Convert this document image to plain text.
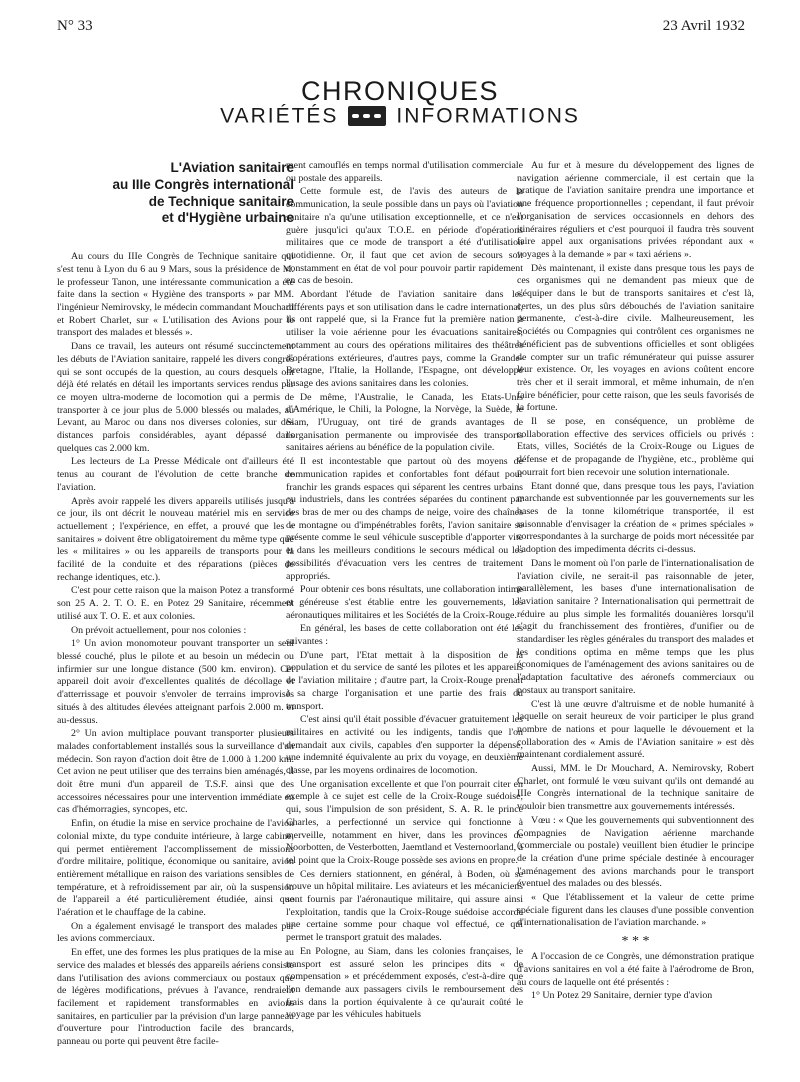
N° 33	23 Avril 1932
CHRONIQUES
VARIÉTÉS	INFORMATIONS
L'Aviation sanitaire
au IIIe Congrès international
de Technique sanitaire
et d'Hygiène urbaine

Au cours du IIIe Congrès de Technique sanitaire qui s'est tenu à Lyon du 6 au 9 Mars, sous la présidence de M. le professeur Tanon, une intéressante communication a été faite dans la section « Hygiène des transports » par MM. l'ingénieur Nemirovsky, le médecin commandant Mouchard et Robert Charlet, sur « L'utilisation des Avions pour le transport des malades et blessés ».

Dans ce travail, les auteurs ont résumé succinctement les débuts de l'Aviation sanitaire, rappelé les divers congrès qui se sont occupés de la question, au cours desquels ont déjà été relatés en détail les importants services rendus par ce moyen ultra-moderne de locomotion qui a permis de transporter à ce jour plus de 5.000 blessés ou malades, au Levant, au Maroc ou dans nos diverses colonies, sur des distances parfois considérables, ayant dépassé dans quelques cas 2.000 km.

Les lecteurs de La Presse Médicale ont d'ailleurs été tenus au courant de l'évolution de cette branche de l'aviation.

Après avoir rappelé les divers appareils utilisés jusqu'à ce jour, ils ont décrit le nouveau matériel mis en service actuellement ; l'expérience, en effet, a prouvé que les « sanitaires » doivent être obligatoirement du même type que les « militaires » ou les appareils de transports pour la facilité de la conduite et des réparations (pièces de rechange identiques, etc.).

C'est pour cette raison que la maison Potez a transformé son 25 A. 2. T. O. E. en Potez 29 Sanitaire, récemment utilisé aux T. O. E. et aux colonies.

On prévoit actuellement, pour nos colonies :

1° Un avion monomoteur pouvant transporter un seul blessé couché, plus le pilote et au besoin un médecin ou infirmier sur une longue distance (500 km. environ). Cet appareil doit avoir d'excellentes qualités de décollage et d'atterrissage et pouvoir s'envoler de terrains improvisés situés à des altitudes élevées atteignant parfois 2.000 m. et au-dessus.

2° Un avion multiplace pouvant transporter plusieurs malades confortablement installés sous la surveillance d'un médecin. Son rayon d'action doit être de 1.000 à 1.200 km. Cet avion ne peut utiliser que des terrains bien aménagés, il doit être muni d'un appareil de T.S.F. ainsi que des accessoires nécessaires pour une intervention immédiate en cas d'hémorragies, syncopes, etc.

Enfin, on étudie la mise en service prochaine de l'avion colonial mixte, du type conduite intérieure, à large cabine, qui permet entièrement l'accomplissement de missions d'ordre militaire, politique, économique ou sanitaire, avion entièrement métallique en raison des variations sensibles de température, et à refroidissement par air, où la suspension de l'appareil a été particulièrement étudiée, ainsi que l'aération et le chauffage de la cabine.

On a également envisagé le transport des malades par les avions commerciaux.

En effet, une des formes les plus pratiques de la mise au service des malades et blessés des appareils aériens consiste dans l'utilisation des avions commerciaux ou postaux que de légères modifications, prévues à l'avance, rendraient facilement et rapidement transformables en avions sanitaires, en particulier par la prévision d'un large panneau d'ouverture pour l'introduction facile des brancards, panneau ou porte qui peuvent être facile-

ment camouflés en temps normal d'utilisation commerciale ou postale des appareils.

Cette formule est, de l'avis des auteurs de la communication, la seule possible dans un pays où l'aviation sanitaire n'a qu'une utilisation exceptionnelle, et ce n'est guère jusqu'ici qu'aux T.O.E. en période d'opérations militaires que ce mode de transport a été d'utilisation quotidienne. Or, il faut que cet avion de secours soit constamment en état de vol pour pouvoir partir rapidement en cas de besoin.

Abordant l'étude de l'aviation sanitaire dans les différents pays et son utilisation dans le cadre international, ils ont rappelé que, si la France fut la première nation à utiliser la voie aérienne pour les évacuations sanitaires, notamment au cours des opérations militaires des théâtres d'opérations extérieures, d'autres pays, comme la Grande-Bretagne, l'Italie, la Hollande, l'Espagne, ont développé l'usage des avions sanitaires dans les colonies.

De même, l'Australie, le Canada, les Etats-Unis d'Amérique, le Chili, la Pologne, la Norvège, la Suède, le Siam, l'Uruguay, ont tiré de grands avantages de l'organisation permanente ou improvisée des transports sanitaires aériens au bénéfice de la population civile.

Il est incontestable que partout où des moyens de communication rapides et confortables font défaut pour franchir les grands espaces qui séparent les centres urbains ou industriels, dans les contrées séparées du continent par des bras de mer ou des champs de neige, voire des chaînes de montagne ou d'impénétrables forêts, l'avion sanitaire se présente comme le seul véhicule susceptible d'apporter vite et dans les meilleurs conditions le secours médical ou les possibilités d'évacuation vers les centres de traitement appropriés.

Pour obtenir ces bons résultats, une collaboration intime et généreuse s'est établie entre les gouvernements, les aéronautiques militaires et les Sociétés de la Croix-Rouge.

En général, les bases de cette collaboration ont été les suivantes :

D'une part, l'Etat mettait à la disposition de la population et du service de santé les pilotes et les appareils de l'aviation militaire ; d'autre part, la Croix-Rouge prenait à sa charge l'organisation et une partie des frais du transport.

C'est ainsi qu'il était possible d'évacuer gratuitement les militaires en activité ou les indigents, tandis que l'on demandait aux civils, capables d'en supporter la dépense, une indemnité équivalente au prix du voyage, en deuxième classe, par les moyens ordinaires de locomotion.

Une organisation excellente et que l'on pourrait citer en exemple à ce sujet est celle de la Croix-Rouge suédoise, qui, sous l'impulsion de son président, S. A. R. le prince Charles, a perfectionné un service qui fonctionne à merveille, notamment en hiver, dans les provinces de Noorbotten, de Vesterbotten, Jaemtland et Vesternoorland, à tel point que la Croix-Rouge possède ses avions en propre.

Ces derniers stationnent, en général, à Boden, où se trouve un hôpital militaire. Les aviateurs et les mécaniciens sont fournis par l'aéronautique militaire, qui assure ainsi l'exploitation, tandis que la Croix-Rouge suédoise accorde une certaine somme pour chaque vol effectué, ce qui permet le transport gratuit des malades.

En Pologne, au Siam, dans les colonies françaises, le transport est assuré selon les principes dits « de compensation » et précédemment exposés, c'est-à-dire que l'on demande aux passagers civils le remboursement des frais dans la portion équivalente à ce qu'aurait coûté le voyage par les véhicules habituels

Au fur et à mesure du développement des lignes de navigation aérienne commerciale, il est certain que la pratique de l'aviation sanitaire prendra une importance et une fréquence proportionnelles ; cependant, il faut prévoir l'organisation de services occasionnels en dehors des itinéraires réguliers et c'est pourquoi il faudra très souvent faire appel aux organisations privées répondant aux « voyages à la demande » par « taxi aériens ».

Dès maintenant, il existe dans presque tous les pays de ces organismes qui ne demandent pas mieux que de s'équiper dans le but de transports sanitaires et c'est là, certes, un des plus sûrs débouchés de l'aviation sanitaire permanente, c'est-à-dire civile. Malheureusement, les Sociétés ou Compagnies qui contrôlent ces organismes ne bénéficient pas de subventions officielles et sont obligées de compter sur un trafic rémunérateur qui puisse assurer leur existence. Or, les voyages en avions coûtent encore très cher et il serait immoral, et même inhumain, de n'en faire bénéficier, pour cette raison, que les seuls favorisés de la fortune.

Il se pose, en conséquence, un problème de collaboration effective des services officiels ou privés : Etats, villes, Sociétés de la Croix-Rouge ou Ligues de défense et de propagande de l'hygiène, etc., problème qui pourrait fort bien recevoir une solution internationale.

Etant donné que, dans presque tous les pays, l'aviation marchande est subventionnée par les gouvernements sur les bases de la tonne kilométrique transportée, il est raisonnable d'envisager la création de « primes spéciales » correspondantes à la surcharge de poids mort nécessitée par l'adoption des impedimenta décrits ci-dessus.

Dans le moment où l'on parle de l'internationalisation de l'aviation civile, ne serait-il pas raisonnable de jeter, parallèlement, les bases d'une internationalisation de l'aviation sanitaire ? Internationalisation qui permettrait de réduire au plus simple les formalités douanières lorsqu'il s'agit du franchissement des frontières, d'unifier ou de standardiser les règles générales du transport des malades et les conditions optima en même temps que les plus économiques de l'aménagement des avions sanitaires ou de l'adaptation facultative des aéronefs commerciaux ou postaux au transport sanitaire.

C'est là une œuvre d'altruisme et de noble humanité à laquelle on serait heureux de voir participer le plus grand nombre de nations et pour laquelle le dévouement et la collaboration des « Amis de l'Aviation sanitaire » est dès maintenant cordialement assuré.

Aussi, MM. le Dr Mouchard, A. Nemirovsky, Robert Charlet, ont formulé le vœu suivant qu'ils ont demandé au IIIe Congrès international de la technique sanitaire de vouloir bien transmettre aux gouvernements intéressés.

Vœu : « Que les gouvernements qui subventionnent des Compagnies de Navigation aérienne marchande (commerciale ou postale) veuillent bien étudier le principe de la création d'une prime spéciale destinée à encourager l'aménagement des avions marchands pour le transport éventuel des malades ou des blessés.

« Que l'établissement et la valeur de cette prime spéciale figurent dans les clauses d'une possible convention d'internationalisation de l'aviation marchande. »

* * *

A l'occasion de ce Congrès, une démonstration pratique d'avions sanitaires en vol a été faite à l'aérodrome de Bron, au cours de laquelle ont été présentés :

1° Un Potez 29 Sanitaire, dernier type d'avion
